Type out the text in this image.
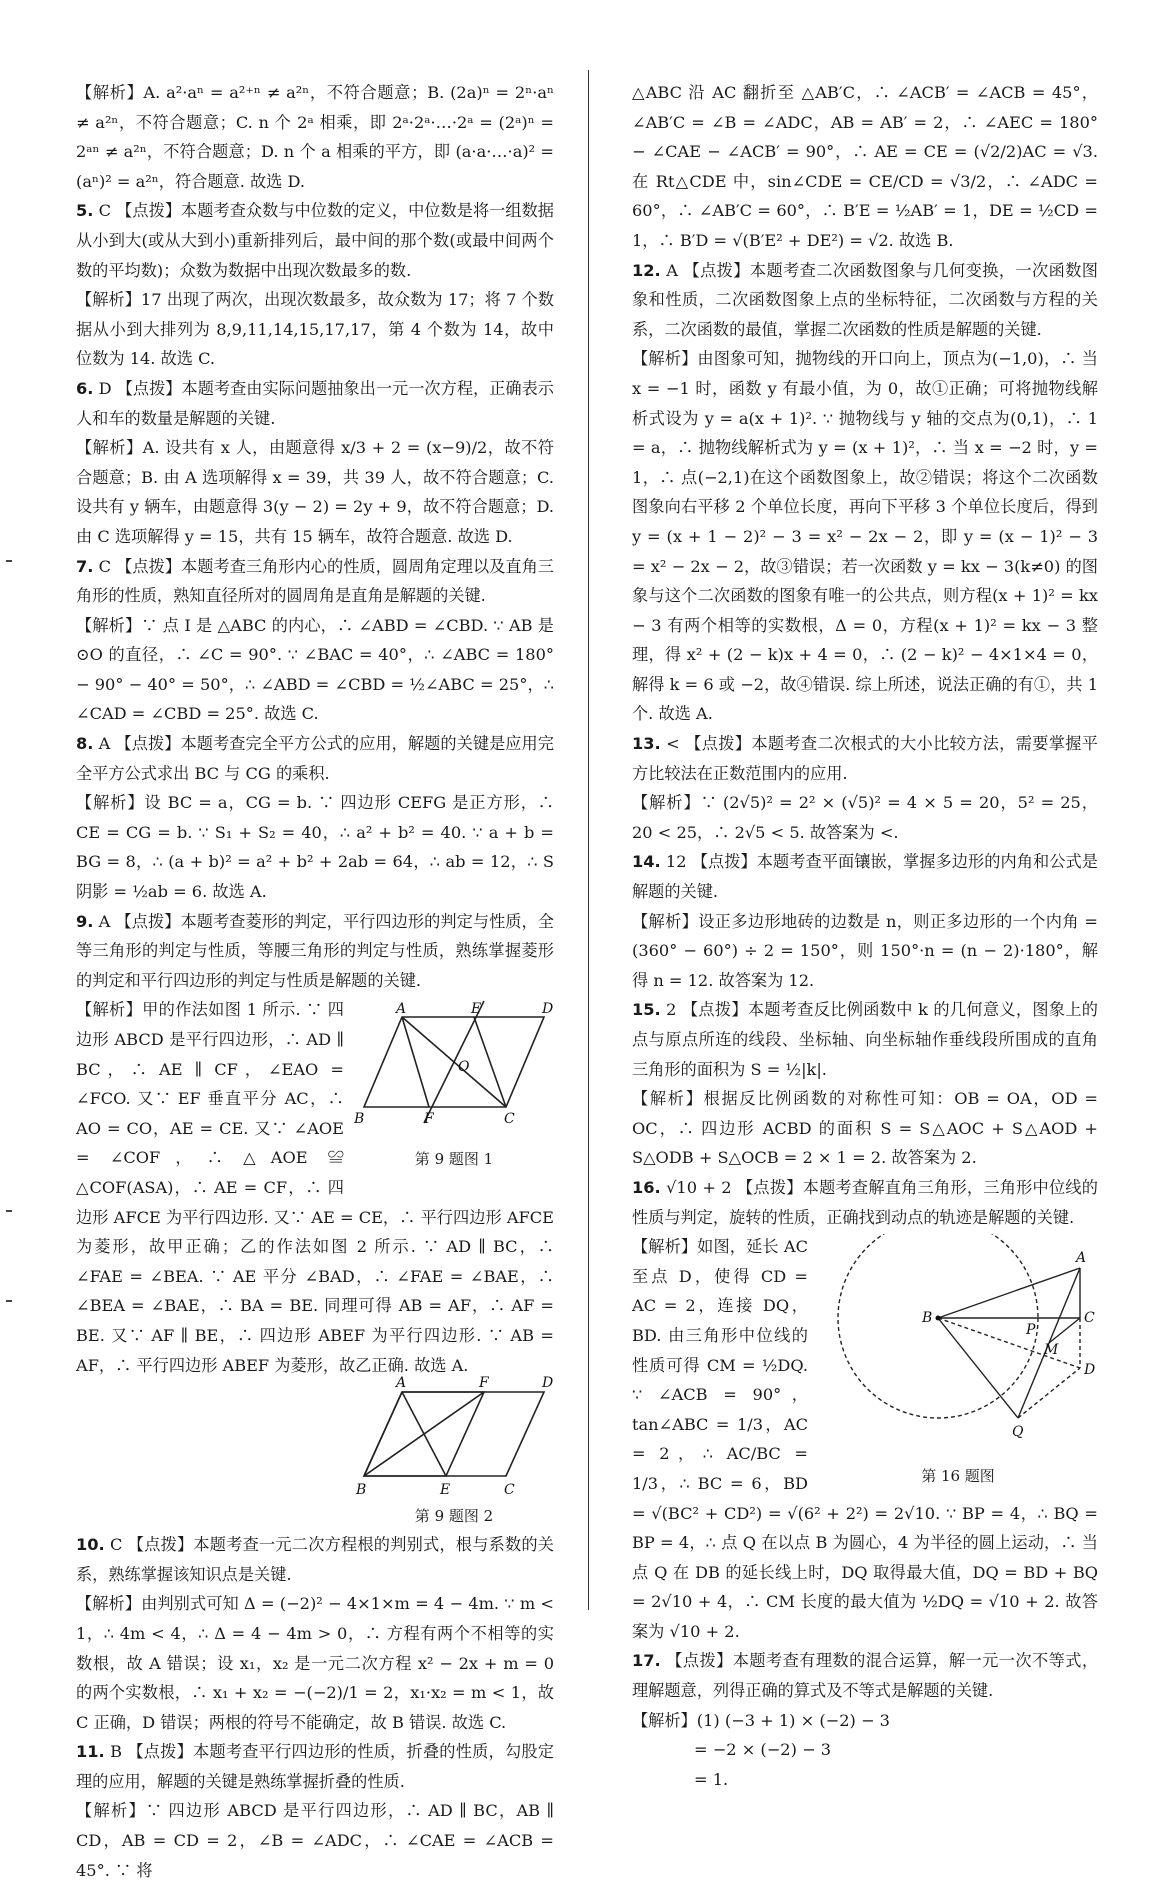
【解析】A. a²·aⁿ = a²⁺ⁿ ≠ a²ⁿ，不符合题意；B. (2a)ⁿ = 2ⁿ·aⁿ ≠ a²ⁿ，不符合题意；C. n 个 2ᵃ 相乘，即 2ᵃ·2ᵃ·…·2ᵃ = (2ᵃ)ⁿ = 2ᵃⁿ ≠ a²ⁿ，不符合题意；D. n 个 a 相乘的平方，即 (a·a·…·a)² = (aⁿ)² = a²ⁿ，符合题意. 故选 D.

5. C 【点拨】本题考查众数与中位数的定义，中位数是将一组数据从小到大(或从大到小)重新排列后，最中间的那个数(或最中间两个数的平均数)；众数为数据中出现次数最多的数.

【解析】17 出现了两次，出现次数最多，故众数为 17；将 7 个数据从小到大排列为 8,9,11,14,15,17,17，第 4 个数为 14，故中位数为 14. 故选 C.

6. D 【点拨】本题考查由实际问题抽象出一元一次方程，正确表示人和车的数量是解题的关键.

【解析】A. 设共有 x 人，由题意得 x/3 + 2 = (x−9)/2，故不符合题意；B. 由 A 选项解得 x = 39，共 39 人，故不符合题意；C. 设共有 y 辆车，由题意得 3(y − 2) = 2y + 9，故不符合题意；D. 由 C 选项解得 y = 15，共有 15 辆车，故符合题意. 故选 D.

7. C 【点拨】本题考查三角形内心的性质，圆周角定理以及直角三角形的性质，熟知直径所对的圆周角是直角是解题的关键.

【解析】∵ 点 I 是 △ABC 的内心，∴ ∠ABD = ∠CBD. ∵ AB 是 ⊙O 的直径，∴ ∠C = 90°. ∵ ∠BAC = 40°，∴ ∠ABC = 180° − 90° − 40° = 50°，∴ ∠ABD = ∠CBD = ½∠ABC = 25°，∴ ∠CAD = ∠CBD = 25°. 故选 C.

8. A 【点拨】本题考查完全平方公式的应用，解题的关键是应用完全平方公式求出 BC 与 CG 的乘积.

【解析】设 BC = a，CG = b. ∵ 四边形 CEFG 是正方形，∴ CE = CG = b. ∵ S₁ + S₂ = 40，∴ a² + b² = 40. ∵ a + b = BG = 8，∴ (a + b)² = a² + b² + 2ab = 64，∴ ab = 12，∴ S阴影 = ½ab = 6. 故选 A.

9. A 【点拨】本题考查菱形的判定，平行四边形的判定与性质，全等三角形的判定与性质，等腰三角形的判定与性质，熟练掌握菱形的判定和平行四边形的判定与性质是解题的关键.

A	E	D
O
B	F	C
第 9 题图 1

【解析】甲的作法如图 1 所示. ∵ 四边形 ABCD 是平行四边形，∴ AD ∥ BC，∴ AE ∥ CF，∠EAO = ∠FCO. 又∵ EF 垂直平分 AC，∴ AO = CO，AE = CE. 又∵ ∠AOE = ∠COF，∴ △AOE ≌ △COF(ASA)，∴ AE = CF，∴ 四边形 AFCE 为平行四边形. 又∵ AE = CE，∴ 平行四边形 AFCE 为菱形，故甲正确；乙的作法如图 2 所示. ∵ AD ∥ BC，∴ ∠FAE = ∠BEA. ∵ AE 平分 ∠BAD，∴ ∠FAE = ∠BAE，∴ ∠BEA = ∠BAE，∴ BA = BE. 同理可得 AB = AF，∴ AF = BE. 又∵ AF ∥ BE，∴ 四边形 ABEF 为平行四边形. ∵ AB = AF，∴ 平行四边形 ABEF 为菱形，故乙正确. 故选 A.

A	F	D
B	E	C
第 9 题图 2

10. C 【点拨】本题考查一元二次方程根的判别式，根与系数的关系，熟练掌握该知识点是关键.

【解析】由判别式可知 Δ = (−2)² − 4×1×m = 4 − 4m. ∵ m < 1，∴ 4m < 4，∴ Δ = 4 − 4m > 0，∴ 方程有两个不相等的实数根，故 A 错误；设 x₁，x₂ 是一元二次方程 x² − 2x + m = 0 的两个实数根，∴ x₁ + x₂ = −(−2)/1 = 2，x₁·x₂ = m < 1，故 C 正确，D 错误；两根的符号不能确定，故 B 错误. 故选 C.

11. B 【点拨】本题考查平行四边形的性质，折叠的性质，勾股定理的应用，解题的关键是熟练掌握折叠的性质.

【解析】∵ 四边形 ABCD 是平行四边形，∴ AD ∥ BC，AB ∥ CD，AB = CD = 2，∠B = ∠ADC，∴ ∠CAE = ∠ACB = 45°. ∵ 将

△ABC 沿 AC 翻折至 △AB′C，∴ ∠ACB′ = ∠ACB = 45°，∠AB′C = ∠B = ∠ADC，AB = AB′ = 2，∴ ∠AEC = 180° − ∠CAE − ∠ACB′ = 90°，∴ AE = CE = (√2/2)AC = √3. 在 Rt△CDE 中，sin∠CDE = CE/CD = √3/2，∴ ∠ADC = 60°，∴ ∠AB′C = 60°，∴ B′E = ½AB′ = 1，DE = ½CD = 1，∴ B′D = √(B′E² + DE²) = √2. 故选 B.

12. A 【点拨】本题考查二次函数图象与几何变换，一次函数图象和性质，二次函数图象上点的坐标特征，二次函数与方程的关系，二次函数的最值，掌握二次函数的性质是解题的关键.

【解析】由图象可知，抛物线的开口向上，顶点为(−1,0)，∴ 当 x = −1 时，函数 y 有最小值，为 0，故①正确；可将抛物线解析式设为 y = a(x + 1)². ∵ 抛物线与 y 轴的交点为(0,1)，∴ 1 = a，∴ 抛物线解析式为 y = (x + 1)²，∴ 当 x = −2 时，y = 1，∴ 点(−2,1)在这个函数图象上，故②错误；将这个二次函数图象向右平移 2 个单位长度，再向下平移 3 个单位长度后，得到 y = (x + 1 − 2)² − 3 = x² − 2x − 2，即 y = (x − 1)² − 3 = x² − 2x − 2，故③错误；若一次函数 y = kx − 3(k≠0) 的图象与这个二次函数的图象有唯一的公共点，则方程(x + 1)² = kx − 3 有两个相等的实数根，Δ = 0，方程(x + 1)² = kx − 3 整理，得 x² + (2 − k)x + 4 = 0，∴ (2 − k)² − 4×1×4 = 0，解得 k = 6 或 −2，故④错误. 综上所述，说法正确的有①，共 1 个. 故选 A.

13. < 【点拨】本题考查二次根式的大小比较方法，需要掌握平方比较法在正数范围内的应用.

【解析】∵ (2√5)² = 2² × (√5)² = 4 × 5 = 20，5² = 25，20 < 25，∴ 2√5 < 5. 故答案为 <.

14. 12 【点拨】本题考查平面镶嵌，掌握多边形的内角和公式是解题的关键.

【解析】设正多边形地砖的边数是 n，则正多边形的一个内角 = (360° − 60°) ÷ 2 = 150°，则 150°·n = (n − 2)·180°，解得 n = 12. 故答案为 12.

15. 2 【点拨】本题考查反比例函数中 k 的几何意义，图象上的点与原点所连的线段、坐标轴、向坐标轴作垂线段所围成的直角三角形的面积为 S = ½|k|.

【解析】根据反比例函数的对称性可知：OB = OA，OD = OC，∴ 四边形 ACBD 的面积 S = S△AOC + S△AOD + S△ODB + S△OCB = 2 × 1 = 2. 故答案为 2.

16. √10 + 2 【点拨】本题考查解直角三角形，三角形中位线的性质与判定，旋转的性质，正确找到动点的轨迹是解题的关键.

A
B	C
P
M
D
Q
第 16 题图

【解析】如图，延长 AC 至点 D，使得 CD = AC = 2，连接 DQ，BD. 由三角形中位线的性质可得 CM = ½DQ. ∵ ∠ACB = 90°，tan∠ABC = 1/3，AC = 2，∴ AC/BC = 1/3，∴ BC = 6，BD = √(BC² + CD²) = √(6² + 2²) = 2√10. ∵ BP = 4，∴ BQ = BP = 4，∴ 点 Q 在以点 B 为圆心，4 为半径的圆上运动，∴ 当点 Q 在 DB 的延长线上时，DQ 取得最大值，DQ = BD + BQ = 2√10 + 4，∴ CM 长度的最大值为 ½DQ = √10 + 2. 故答案为 √10 + 2.

17. 【点拨】本题考查有理数的混合运算，解一元一次不等式，理解题意，列得正确的算式及不等式是解题的关键.

【解析】(1) (−3 + 1) × (−2) − 3

= −2 × (−2) − 3

= 1.
